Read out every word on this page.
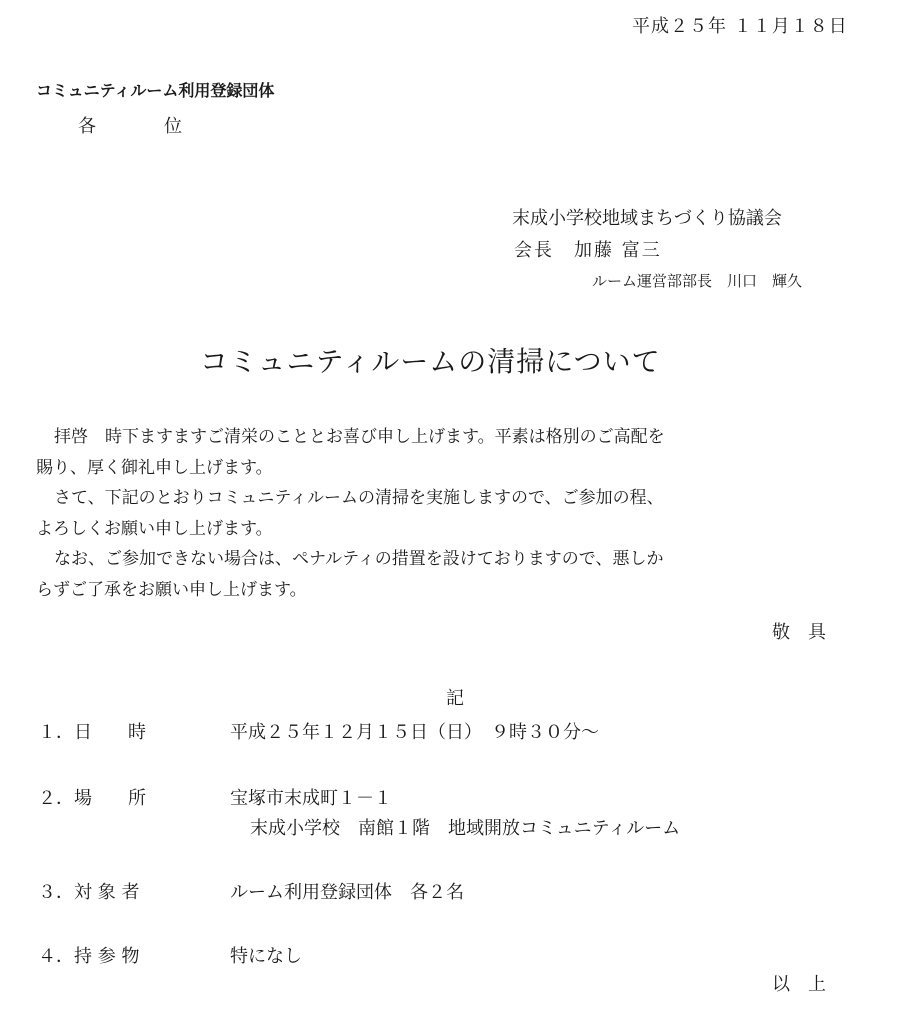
平成２５年 １１月１８日
コミュニティルーム利用登録団体
各位
末成小学校地域まちづくり協議会
会長　加藤 富三
ルーム運営部部長　川口　輝久
コミュニティルームの清掃について

拝啓　時下ますますご清栄のこととお喜び申し上げます。平素は格別のご高配を

賜り、厚く御礼申し上げます。

さて、下記のとおりコミュニティルームの清掃を実施しますので、ご参加の程、

よろしくお願い申し上げます。

なお、ご参加できない場合は、ペナルティの措置を設けておりますので、悪しか

らずご了承をお願い申し上げます。

敬具
記
１．日　　時	平成２５年１２月１５日（日）　９時３０分～
２．場　　所	宝塚市末成町１－１
末成小学校　南館１階　地域開放コミュニティルーム
３．対 象 者	ルーム利用登録団体　各２名
４．持 参 物	特になし
以上
